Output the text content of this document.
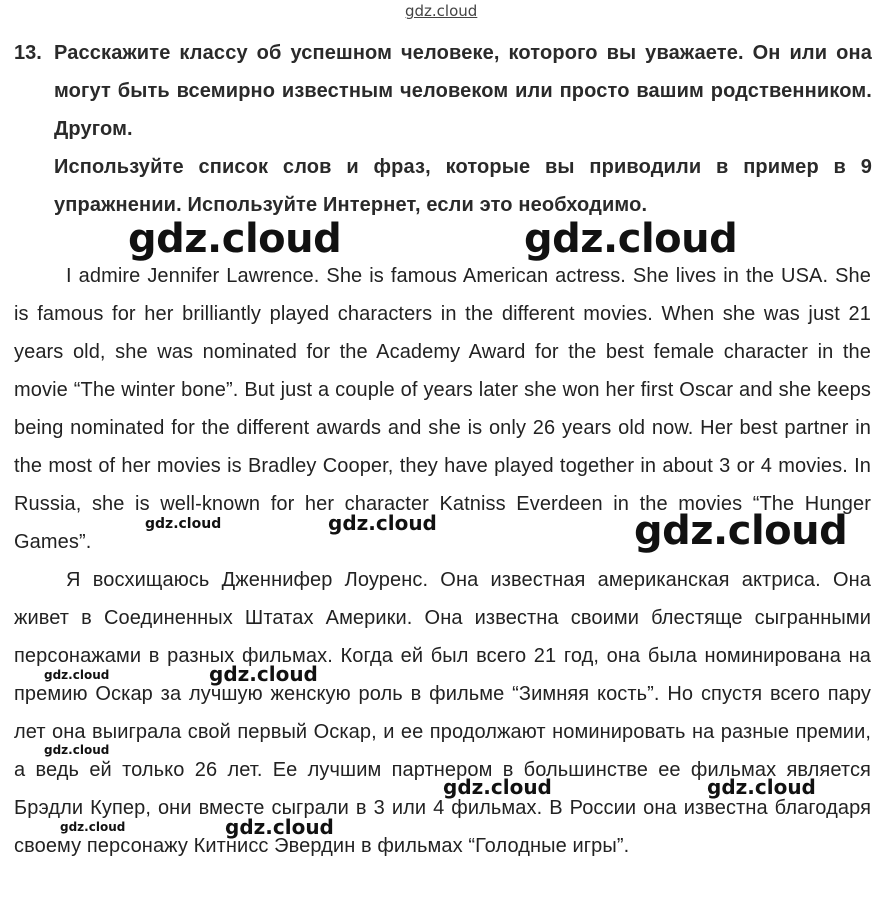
gdz.cloud
13. Расскажите классу об успешном человеке, которого вы уважаете. Он или она могут быть всемирно известным человеком или просто вашим родственником. Другом.
Используйте список слов и фраз, которые вы приводили в пример в 9 упражнении. Используйте Интернет, если это необходимо.
I admire Jennifer Lawrence. She is famous American actress. She lives in the USA. She is famous for her brilliantly played characters in the different movies. When she was just 21 years old, she was nominated for the Academy Award for the best female character in the movie “The winter bone”. But just a couple of years later she won her first Oscar and she keeps being nominated for the different awards and she is only 26 years old now. Her best partner in the most of her movies is Bradley Cooper, they have played together in about 3 or 4 movies. In Russia, she is well-known for her character Katniss Everdeen in the movies “The Hunger Games”.
Я восхищаюсь Дженнифер Лоуренс. Она известная американская актриса. Она живет в Соединенных Штатах Америки. Она известна своими блестяще сыгранными персонажами в разных фильмах. Когда ей был всего 21 год, она была номинирована на премию Оскар за лучшую женскую роль в фильме “Зимняя кость”. Но спустя всего пару лет она выиграла свой первый Оскар, и ее продолжают номинировать на разные премии, а ведь ей только 26 лет. Ее лучшим партнером в большинстве ее фильмах является Брэдли Купер, они вместе сыграли в 3 или 4 фильмах. В России она известна благодаря своему персонажу Китнисс Эвердин в фильмах “Голодные игры”.
gdz.cloud	gdz.cloud
gdz.cloud
gdz.cloud	gdz.cloud
gdz.cloud
gdz.cloud
gdz.cloud
gdz.cloud	gdz.cloud
gdz.cloud	gdz.cloud
